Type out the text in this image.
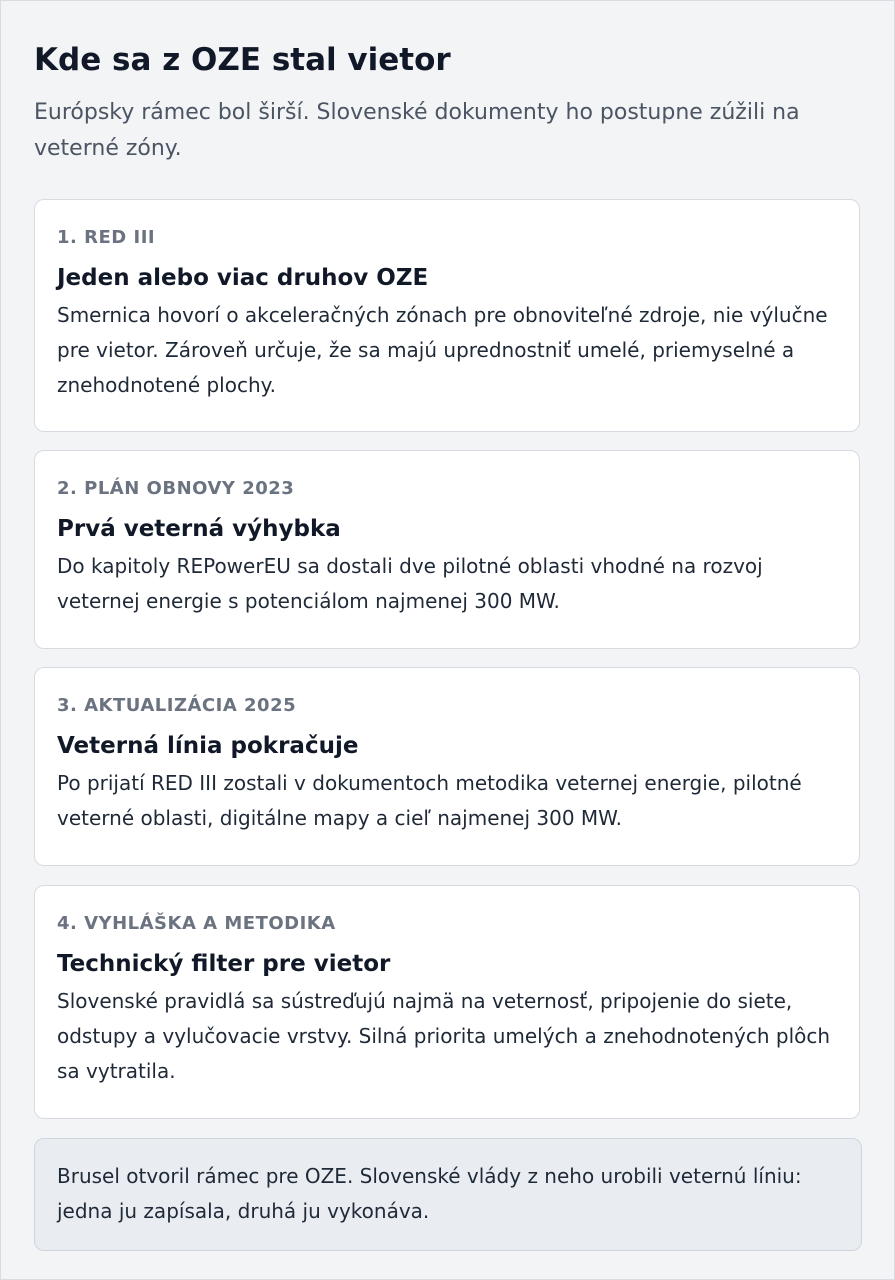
Kde sa z OZE stal vietor

Európsky rámec bol širší. Slovenské dokumenty ho postupne zúžili na veterné zóny.

1. RED III

Jeden alebo viac druhov OZE

Smernica hovorí o akceleračných zónach pre obnoviteľné zdroje, nie výlučne pre vietor. Zároveň určuje, že sa majú uprednostniť umelé, priemyselné a znehodnotené plochy.

2. PLÁN OBNOVY 2023

Prvá veterná výhybka

Do kapitoly REPowerEU sa dostali dve pilotné oblasti vhodné na rozvoj veternej energie s potenciálom najmenej 300 MW.

3. AKTUALIZÁCIA 2025

Veterná línia pokračuje

Po prijatí RED III zostali v dokumentoch metodika veternej energie, pilotné veterné oblasti, digitálne mapy a cieľ najmenej 300 MW.

4. VYHLÁŠKA A METODIKA

Technický filter pre vietor

Slovenské pravidlá sa sústreďujú najmä na veternosť, pripojenie do siete, odstupy a vylučovacie vrstvy. Silná priorita umelých a znehodnotených plôch sa vytratila.

Brusel otvoril rámec pre OZE. Slovenské vlády z neho urobili veternú líniu: jedna ju zapísala, druhá ju vykonáva.
